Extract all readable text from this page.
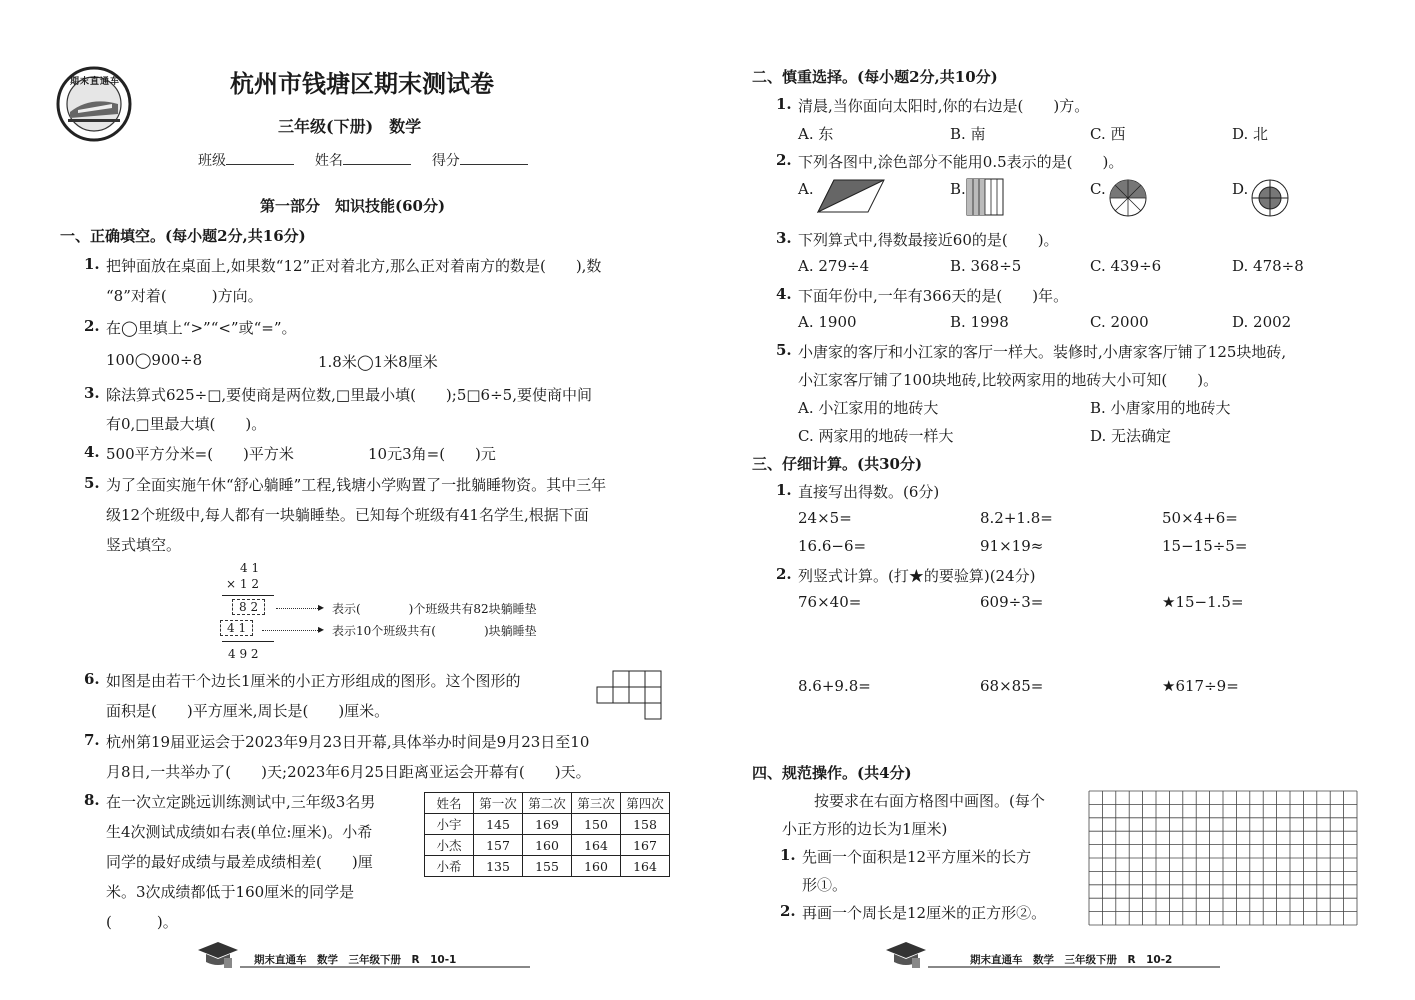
期末直通车	杭州市钱塘区期末测试卷
三年级(下册)　数学
班级	姓名	得分
第一部分　知识技能(60分)
一、正确填空。(每小题2分,共16分)
1. 把钟面放在桌面上,如果数“12”正对着北方,那么正对着南方的数是(　　),数
“8”对着(　　　)方向。
2. 在◯里填上“>”“<”或“=”。
100◯900÷8	1.8米◯1米8厘米
3. 除法算式625÷□,要使商是两位数,□里最小填(　　);5□6÷5,要使商中间
有0,□里最大填(　　)。
4. 500平方分米=(　　)平方米	10元3角=(　　)元
5. 为了全面实施午休“舒心躺睡”工程,钱塘小学购置了一批躺睡物资。其中三年
级12个班级中,每人都有一块躺睡垫。已知每个班级有41名学生,根据下面
竖式填空。
4 1
× 1 2
8 2
4 1
4 9 2
▸ 表示(　　　　)个班级共有82块躺睡垫
▸ 表示10个班级共有(　　　　)块躺睡垫
6. 如图是由若干个边长1厘米的小正方形组成的图形。这个图形的
面积是(　　)平方厘米,周长是(　　)厘米。
7. 杭州第19届亚运会于2023年9月23日开幕,具体举办时间是9月23日至10
月8日,一共举办了(　　)天;2023年6月25日距离亚运会开幕有(　　)天。
8. 在一次立定跳远训练测试中,三年级3名男
生4次测试成绩如右表(单位:厘米)。小希
同学的最好成绩与最差成绩相差(　　)厘
米。3次成绩都低于160厘米的同学是
(　　　)。
姓名	第一次	第二次	第三次	第四次
小宇	145	169	150	158
小杰	157	160	164	167
小希	135	155	160	164
期末直通车　数学　三年级下册　R　10-1
二、慎重选择。(每小题2分,共10分)
1. 清晨,当你面向太阳时,你的右边是(　　)方。
A. 东	B. 南	C. 西	D. 北
2. 下列各图中,涂色部分不能用0.5表示的是(　　)。
A.	B.	C.	D.
3. 下列算式中,得数最接近60的是(　　)。
A. 279÷4	B. 368÷5	C. 439÷6	D. 478÷8
4. 下面年份中,一年有366天的是(　　)年。
A. 1900	B. 1998	C. 2000	D. 2002
5. 小唐家的客厅和小江家的客厅一样大。装修时,小唐家客厅铺了125块地砖,
小江家客厅铺了100块地砖,比较两家用的地砖大小可知(　　)。
A. 小江家用的地砖大	B. 小唐家用的地砖大
C. 两家用的地砖一样大	D. 无法确定
三、仔细计算。(共30分)
1. 直接写出得数。(6分)
24×5=	8.2+1.8=	50×4+6=
16.6−6=	91×19≈	15−15÷5=
2. 列竖式计算。(打★的要验算)(24分)
76×40=	609÷3=	★15−1.5=
8.6+9.8=	68×85=	★617÷9=
四、规范操作。(共4分)
按要求在右面方格图中画图。(每个
小正方形的边长为1厘米)
1. 先画一个面积是12平方厘米的长方
形①。
2. 再画一个周长是12厘米的正方形②。
期末直通车　数学　三年级下册　R　10-2
